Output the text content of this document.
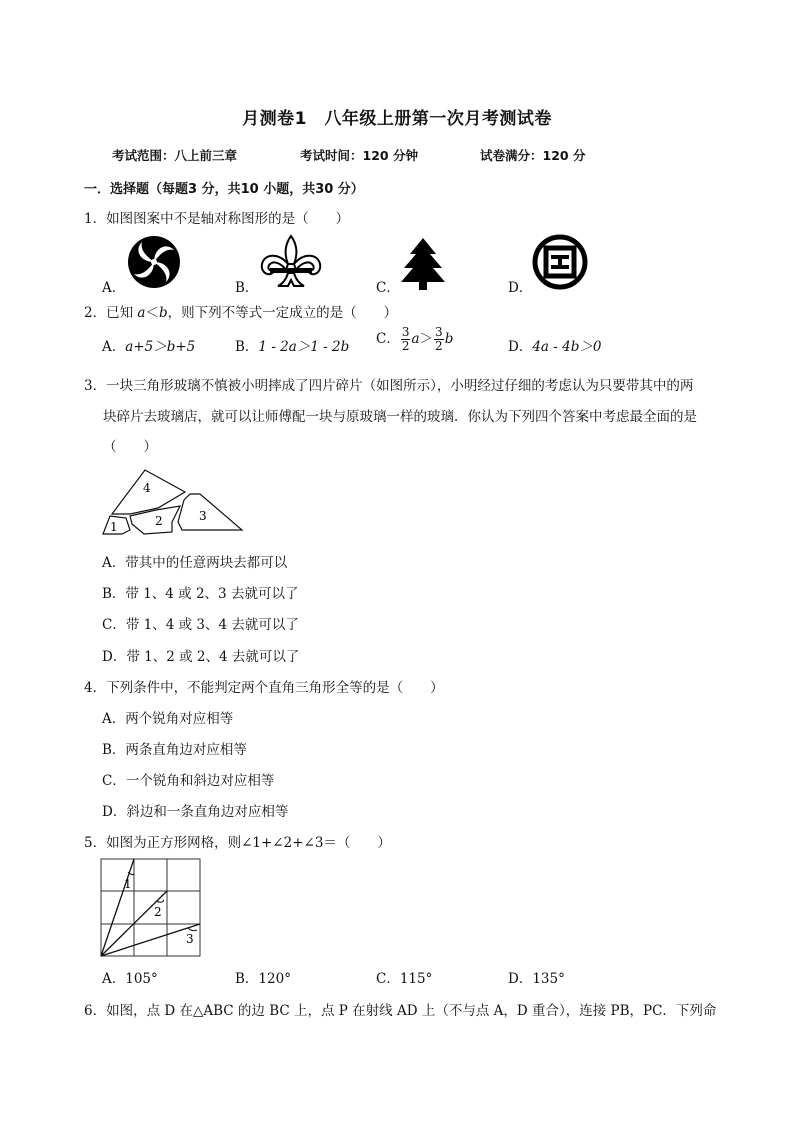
月测卷1　八年级上册第一次月考测试卷
考试范围：八上前三章	考试时间：120 分钟	试卷满分：120 分
一．选择题（每题3 分，共10 小题，共30 分）
1．如图图案中不是轴对称图形的是（　　）
A．	B．	C．	D．
2．已知 a＜b，则下列不等式一定成立的是（　　）
A．a+5＞b+5	B．1 - 2a＞1 - 2b C． $\frac{3}{2} a> \frac{3}{2}$ b	D．4a - 4b＞0
3．一块三角形玻璃不慎被小明摔成了四片碎片（如图所示），小明经过仔细的考虑认为只要带其中的两
块碎片去玻璃店，就可以让师傅配一块与原玻璃一样的玻璃．你认为下列四个答案中考虑最全面的是
（　　）
4
1	2	3
A．带其中的任意两块去都可以
B．带 1、4 或 2、3 去就可以了
C．带 1、4 或 3、4 去就可以了
D．带 1、2 或 2、4 去就可以了
4．下列条件中，不能判定两个直角三角形全等的是（　　）
A．两个锐角对应相等
B．两条直角边对应相等
C．一个锐角和斜边对应相等
D．斜边和一条直角边对应相等
5．如图为正方形网格，则∠1+∠2+∠3＝（　　）
1
2
3
A．105°	B．120°	C．115°	D．135°
6．如图，点 D 在△ABC 的边 BC 上，点 P 在射线 AD 上（不与点 A，D 重合），连接 PB，PC．下列命
